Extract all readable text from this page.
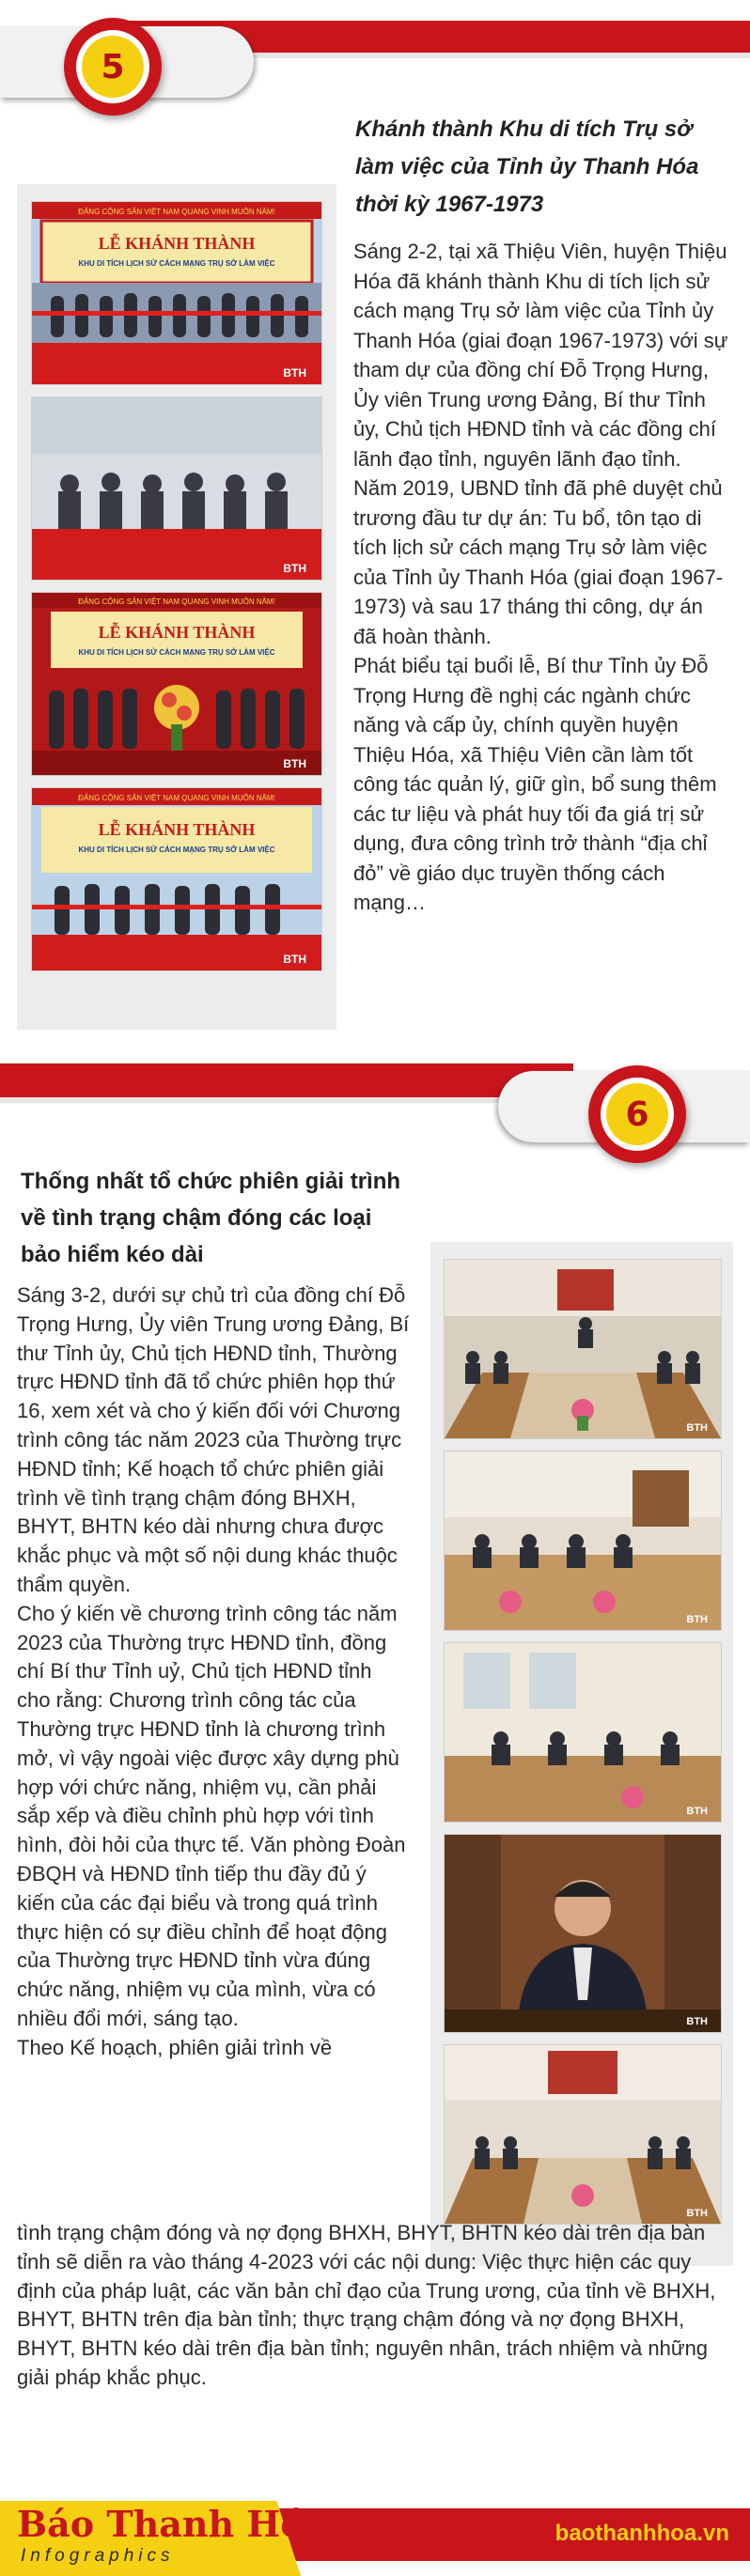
5
Khánh thành Khu di tích Trụ sở làm việc của Tỉnh ủy Thanh Hóa thời kỳ 1967-1973
ĐẢNG CỘNG SẢN VIỆT NAM QUANG VINH MUÔN NĂM!
LỄ KHÁNH THÀNH
KHU DI TÍCH LỊCH SỬ CÁCH MẠNG TRỤ SỞ LÀM VIỆC
BTH
BTH
ĐẢNG CỘNG SẢN VIỆT NAM QUANG VINH MUÔN NĂM!
LỄ KHÁNH THÀNH
KHU DI TÍCH LỊCH SỬ CÁCH MẠNG TRỤ SỞ LÀM VIỆC
BTH
ĐẢNG CỘNG SẢN VIỆT NAM QUANG VINH MUÔN NĂM!
LỄ KHÁNH THÀNH
KHU DI TÍCH LỊCH SỬ CÁCH MẠNG TRỤ SỞ LÀM VIỆC
BTH

Sáng 2-2, tại xã Thiệu Viên, huyện Thiệu Hóa đã khánh thành Khu di tích lịch sử cách mạng Trụ sở làm việc của Tỉnh ủy Thanh Hóa (giai đoạn 1967-1973) với sự tham dự của đồng chí Đỗ Trọng Hưng, Ủy viên Trung ương Đảng, Bí thư Tỉnh ủy, Chủ tịch HĐND tỉnh và các đồng chí lãnh đạo tỉnh, nguyên lãnh đạo tỉnh.

Năm 2019, UBND tỉnh đã phê duyệt chủ trương đầu tư dự án: Tu bổ, tôn tạo di tích lịch sử cách mạng Trụ sở làm việc của Tỉnh ủy Thanh Hóa (giai đoạn 1967-1973) và sau 17 tháng thi công, dự án đã hoàn thành.

Phát biểu tại buổi lễ, Bí thư Tỉnh ủy Đỗ Trọng Hưng đề nghị các ngành chức năng và cấp ủy, chính quyền huyện Thiệu Hóa, xã Thiệu Viên cần làm tốt công tác quản lý, giữ gìn, bổ sung thêm các tư liệu và phát huy tối đa giá trị sử dụng, đưa công trình trở thành “địa chỉ đỏ” về giáo dục truyền thống cách mạng…

6
Thống nhất tổ chức phiên giải trình về tình trạng chậm đóng các loại bảo hiểm kéo dài
BTH
BTH
BTH
BTH
BTH

Sáng 3-2, dưới sự chủ trì của đồng chí Đỗ Trọng Hưng, Ủy viên Trung ương Đảng, Bí thư Tỉnh ủy, Chủ tịch HĐND tỉnh, Thường trực HĐND tỉnh đã tổ chức phiên họp thứ 16, xem xét và cho ý kiến đối với Chương trình công tác năm 2023 của Thường trực HĐND tỉnh; Kế hoạch tổ chức phiên giải trình về tình trạng chậm đóng BHXH, BHYT, BHTN kéo dài nhưng chưa được khắc phục và một số nội dung khác thuộc thẩm quyền.

Cho ý kiến về chương trình công tác năm 2023 của Thường trực HĐND tỉnh, đồng chí Bí thư Tỉnh uỷ, Chủ tịch HĐND tỉnh cho rằng: Chương trình công tác của Thường trực HĐND tỉnh là chương trình mở, vì vậy ngoài việc được xây dựng phù hợp với chức năng, nhiệm vụ, cần phải sắp xếp và điều chỉnh phù hợp với tình hình, đòi hỏi của thực tế. Văn phòng Đoàn ĐBQH và HĐND tỉnh tiếp thu đầy đủ ý kiến của các đại biểu và trong quá trình thực hiện có sự điều chỉnh để hoạt động của Thường trực HĐND tỉnh vừa đúng chức năng, nhiệm vụ của mình, vừa có nhiều đổi mới, sáng tạo.

Theo Kế hoạch, phiên giải trình về

tình trạng chậm đóng và nợ đọng BHXH, BHYT, BHTN kéo dài trên địa bàn tỉnh sẽ diễn ra vào tháng 4-2023 với các nội dung: Việc thực hiện các quy định của pháp luật, các văn bản chỉ đạo của Trung ương, của tỉnh về BHXH, BHYT, BHTN trên địa bàn tỉnh; thực trạng chậm đóng và nợ đọng BHXH, BHYT, BHTN kéo dài trên địa bàn tỉnh; nguyên nhân, trách nhiệm và những giải pháp khắc phục.

Báo Thanh Hóa
Infographics
baothanhhoa.vn
